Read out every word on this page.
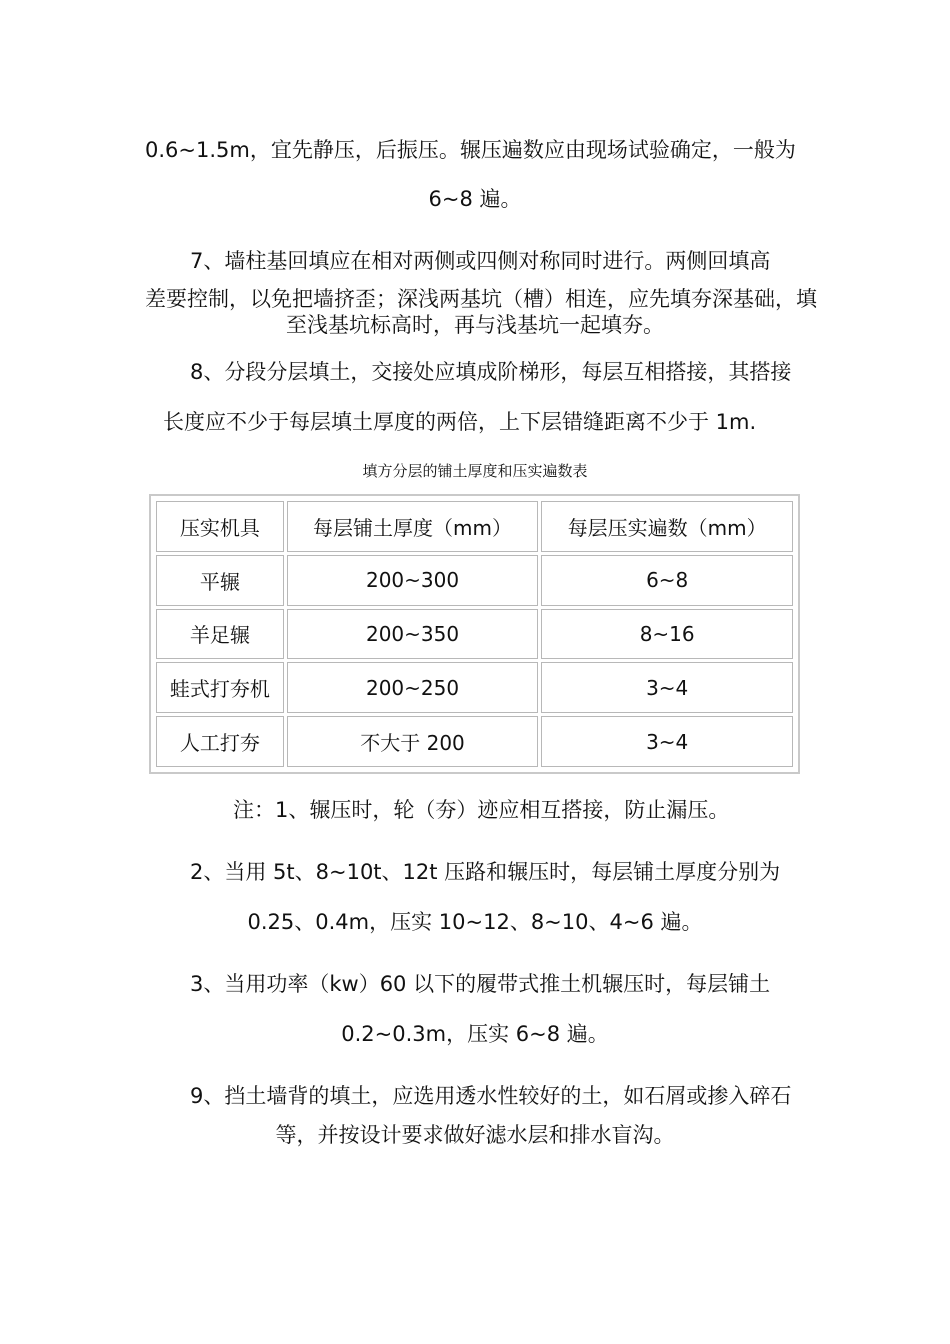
0.6~1.5m，宜先静压，后振压。辗压遍数应由现场试验确定，一般为
6~8 遍。
7、墙柱基回填应在相对两侧或四侧对称同时进行。两侧回填高
差要控制，以免把墙挤歪；深浅两基坑（槽）相连，应先填夯深基础，填
至浅基坑标高时，再与浅基坑一起填夯。
8、分段分层填土，交接处应填成阶梯形，每层互相搭接，其搭接
长度应不少于每层填土厚度的两倍，上下层错缝距离不少于 1m.
填方分层的铺土厚度和压实遍数表
压实机具	每层铺土厚度（mm）	每层压实遍数（mm）
平辗	200~300	6~8
羊足辗	200~350	8~16
蛙式打夯机	200~250	3~4
人工打夯	不大于 200	3~4
注：1、辗压时，轮（夯）迹应相互搭接，防止漏压。
2、当用 5t、8~10t、12t 压路和辗压时，每层铺土厚度分别为
0.25、0.4m，压实 10~12、8~10、4~6 遍。
3、当用功率（kw）60 以下的履带式推土机辗压时，每层铺土
0.2~0.3m，压实 6~8 遍。
9、挡土墙背的填土，应选用透水性较好的土，如石屑或掺入碎石
等，并按设计要求做好滤水层和排水盲沟。
